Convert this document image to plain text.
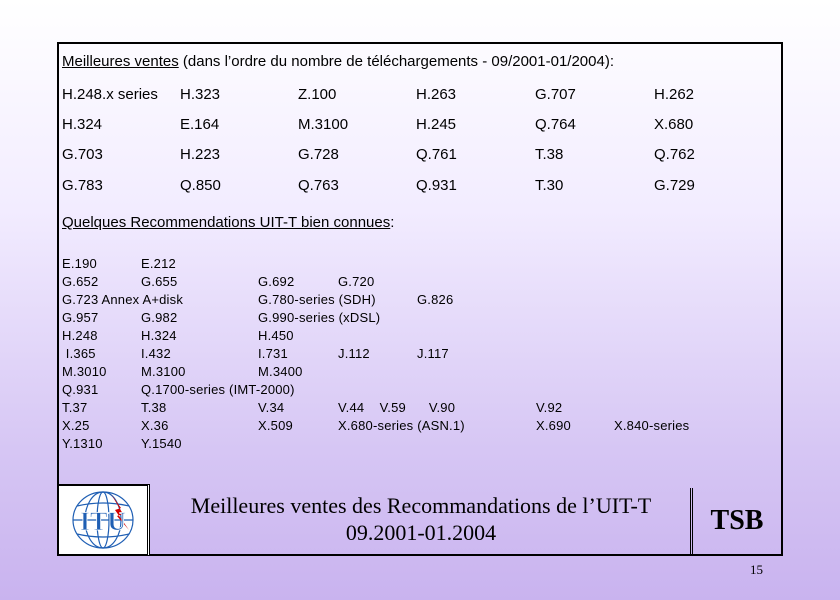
Meilleures ventes (dans l’ordre du nombre de téléchargements - 09/2001-01/2004):
H.248.x series H.323	Z.100	H.263	G.707	H.262
H.324	E.164	M.3100	H.245	Q.764	X.680
G.703	H.223	G.728	Q.761	T.38	Q.762
G.783	Q.850	Q.763	Q.931	T.30	G.729
Quelques Recommendations UIT-T bien connues:
E.190	E.212
G.652	G.655	G.692	G.720
G.723 Annex A+disk	G.780-series (SDH)	G.826
G.957	G.982	G.990-series (xDSL)
H.248	H.324	H.450
I.365	I.432	I.731	J.112	J.117
M.3010	M.3100	M.3400
Q.931	Q.1700-series (IMT-2000)
T.37	T.38	V.34	V.44    V.59      V.90	V.92
X.25	X.36	X.509	X.680-series (ASN.1)	X.690	X.840-series
Y.1310	Y.1540
ITU
Meilleures ventes des Recommandations de l’UIT-T
09.2001-01.2004	TSB
15
